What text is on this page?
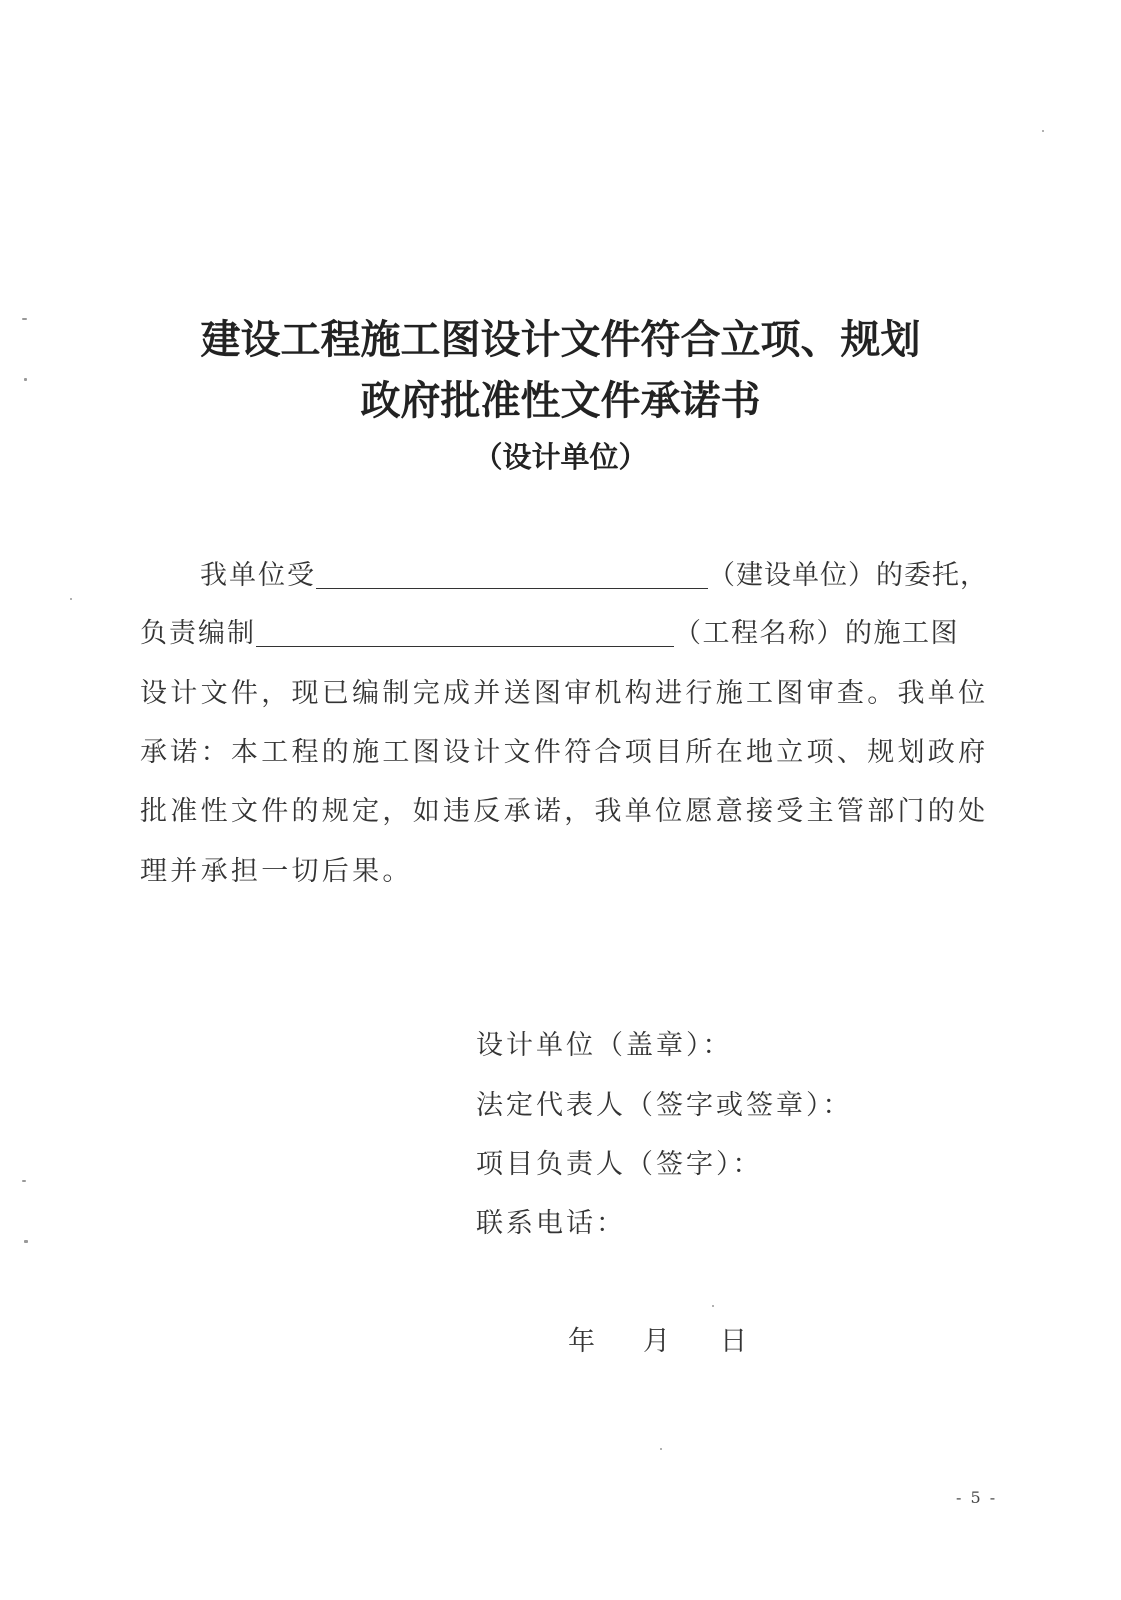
建设工程施工图设计文件符合立项、规划
政府批准性文件承诺书
（设计单位）
我单位受	（建设单位）的委托，
负责编制	（工程名称）的施工图
设计文件，现已编制完成并送图审机构进行施工图审查。我单位
承诺：本工程的施工图设计文件符合项目所在地立项、规划政府
批准性文件的规定，如违反承诺，我单位愿意接受主管部门的处
理并承担一切后果。
设计单位（盖章）：
法定代表人（签字或签章）：
项目负责人（签字）：
联系电话：
年 月 日
- 5 -
